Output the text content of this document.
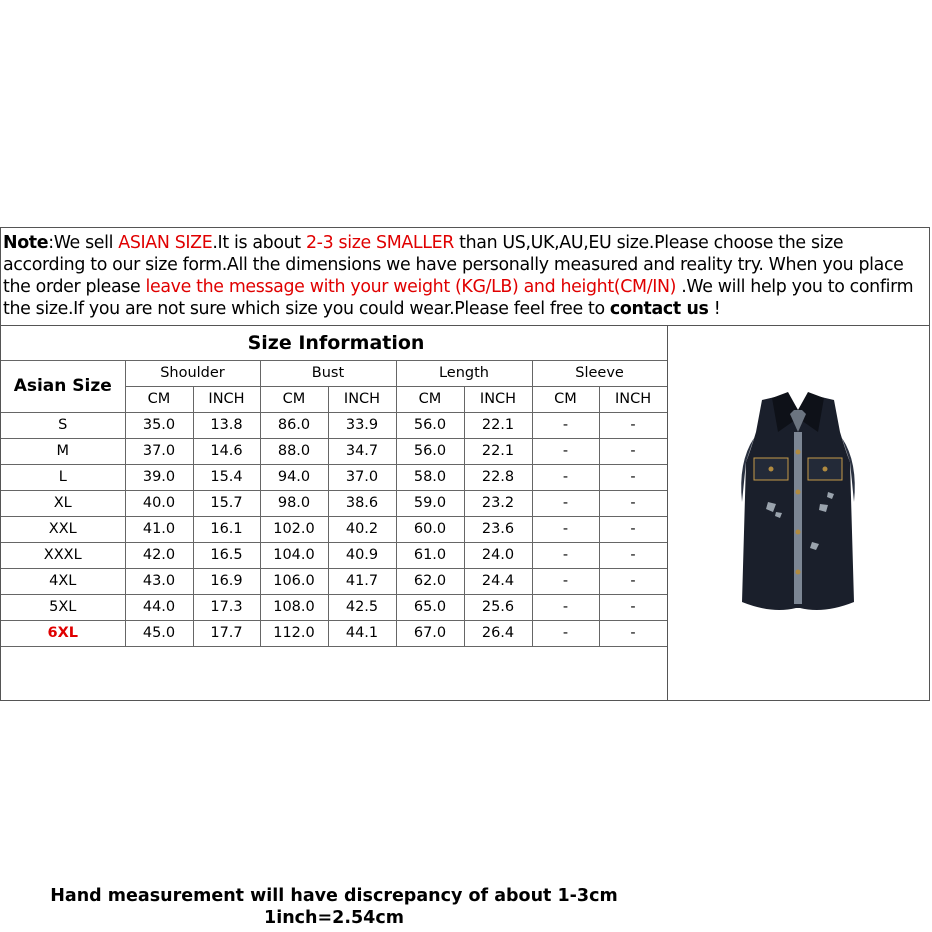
Note:We sell ASIAN SIZE.It is about 2-3 size SMALLER than US,UK,AU,EU size.Please choose the size according to our size form.All the dimensions we have personally measured and reality try. When you place the order please leave the message with your weight (KG/LB) and height(CM/IN) .We will help you to confirm the size.If you are not sure which size you could wear.Please feel free to contact us !
Size Information								
Asian Size	Shoulder		Bust		Length		Sleeve	
	CM	INCH	CM	INCH	CM	INCH	CM	INCH
S	35.0	13.8	86.0	33.9	56.0	22.1	-	-
M	37.0	14.6	88.0	34.7	56.0	22.1	-	-
L	39.0	15.4	94.0	37.0	58.0	22.8	-	-
XL	40.0	15.7	98.0	38.6	59.0	23.2	-	-
XXL	41.0	16.1	102.0	40.2	60.0	23.6	-	-
XXXL	42.0	16.5	104.0	40.9	61.0	24.0	-	-
4XL	43.0	16.9	106.0	41.7	62.0	24.4	-	-
5XL	44.0	17.3	108.0	42.5	65.0	25.6	-	-
6XL	45.0	17.7	112.0	44.1	67.0	26.4	-	-
Hand measurement will have discrepancy of about 1-3cm
1inch=2.54cm
